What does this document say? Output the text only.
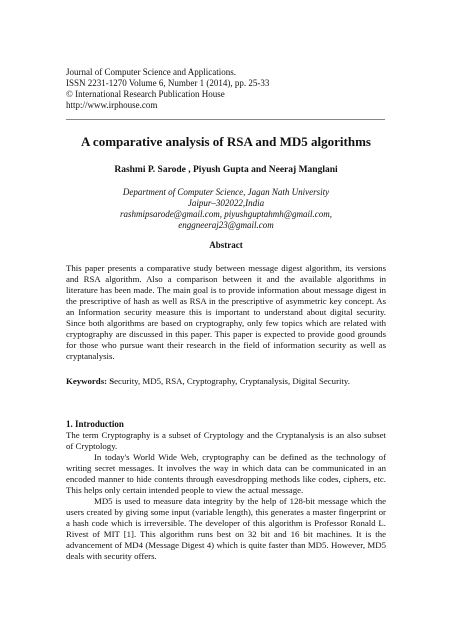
Journal of Computer Science and Applications.
ISSN 2231-1270 Volume 6, Number 1 (2014), pp. 25-33
© International Research Publication House
http://www.irphouse.com
A comparative analysis of RSA and MD5 algorithms
Rashmi P. Sarode , Piyush Gupta and Neeraj Manglani
Department of Computer Science, Jagan Nath University
Jaipur–302022,India
rashmipsarode@gmail.com, piyushguptahmh@gmail.com,
enggneeraj23@gmail.com
Abstract
This paper presents a comparative study between message digest algorithm, its versions and RSA algorithm. Also a comparison between it and the available algorithms in literature has been made. The main goal is to provide information about message digest in the prescriptive of hash as well as RSA in the prescriptive of asymmetric key concept. As an Information security measure this is important to understand about digital security. Since both algorithms are based on cryptography, only few topics which are related with cryptography are discussed in this paper. This paper is expected to provide good grounds for those who pursue want their research in the field of information security as well as cryptanalysis.
Keywords: Security, MD5, RSA, Cryptography, Cryptanalysis, Digital Security.
1. Introduction

The term Cryptography is a subset of Cryptology and the Cryptanalysis is an also subset of Cryptology.

In today's World Wide Web, cryptography can be defined as the technology of writing secret messages. It involves the way in which data can be communicated in an encoded manner to hide contents through eavesdropping methods like codes, ciphers, etc. This helps only certain intended people to view the actual message.

MD5 is used to measure data integrity by the help of 128-bit message which the users created by giving some input (variable length), this generates a master fingerprint or a hash code which is irreversible. The developer of this algorithm is Professor Ronald L. Rivest of MIT [1]. This algorithm runs best on 32 bit and 16 bit machines. It is the advancement of MD4 (Message Digest 4) which is quite faster than MD5. However, MD5 deals with security offers.
